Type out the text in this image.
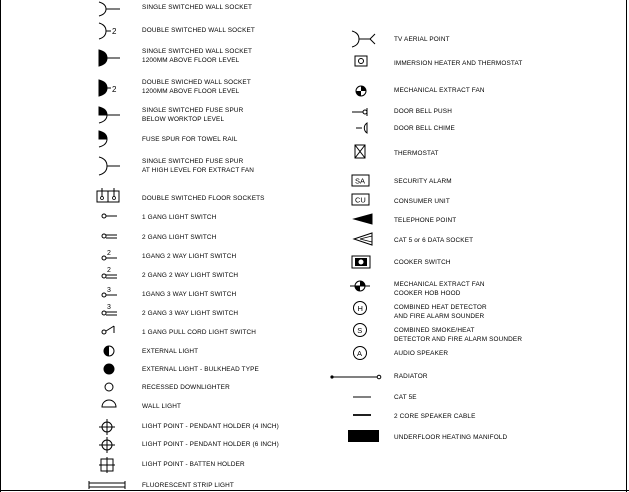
SINGLE SWITCHED WALL SOCKET
2	DOUBLE SWITCHED WALL SOCKET
SINGLE SWITCHED WALL SOCKET
1200MM ABOVE FLOOR LEVEL
2
DOUBLE SWICHED WALL SOCKET
1200MM ABOVE FLOOR LEVEL
SINGLE SWITCHED FUSE SPUR
BELOW WORKTOP LEVEL
FUSE SPUR FOR TOWEL RAIL
SINGLE SWITCHED FUSE SPUR
AT HIGH LEVEL FOR EXTRACT FAN
DOUBLE SWITCHED FLOOR SOCKETS
1 GANG LIGHT SWITCH
2 GANG LIGHT SWITCH
2	1GANG 2 WAY LIGHT SWITCH
2
2 GANG 2 WAY LIGHT SWITCH
3
1GANG 3 WAY LIGHT SWITCH
3
2 GANG 3 WAY LIGHT SWITCH
1 GANG PULL CORD LIGHT SWITCH
EXTERNAL LIGHT
EXTERNAL LIGHT - BULKHEAD TYPE
RECESSED DOWNLIGHTER
WALL LIGHT
LIGHT POINT - PENDANT HOLDER (4 INCH)
LIGHT POINT - PENDANT HOLDER (6 INCH)
LIGHT POINT - BATTEN HOLDER
FLUORESCENT STRIP LIGHT
TV AERIAL POINT
IMMERSION HEATER AND THERMOSTAT
MECHANICAL EXTRACT FAN
DOOR BELL PUSH
DOOR BELL CHIME
THERMOSTAT
SA	SECURITY ALARM
CU	CONSUMER UNIT
TELEPHONE POINT
CAT 5 or 6 DATA SOCKET
COOKER SWITCH
MECHANICAL EXTRACT FAN
COOKER HOB HOOD
H	COMBINED HEAT DETECTOR
AND FIRE ALARM SOUNDER
S	COMBINED SMOKE/HEAT
DETECTOR AND FIRE ALARM SOUNDER
A	AUDIO SPEAKER
RADIATOR
CAT 5E
2 CORE SPEAKER CABLE
UNDERFLOOR HEATING MANIFOLD
